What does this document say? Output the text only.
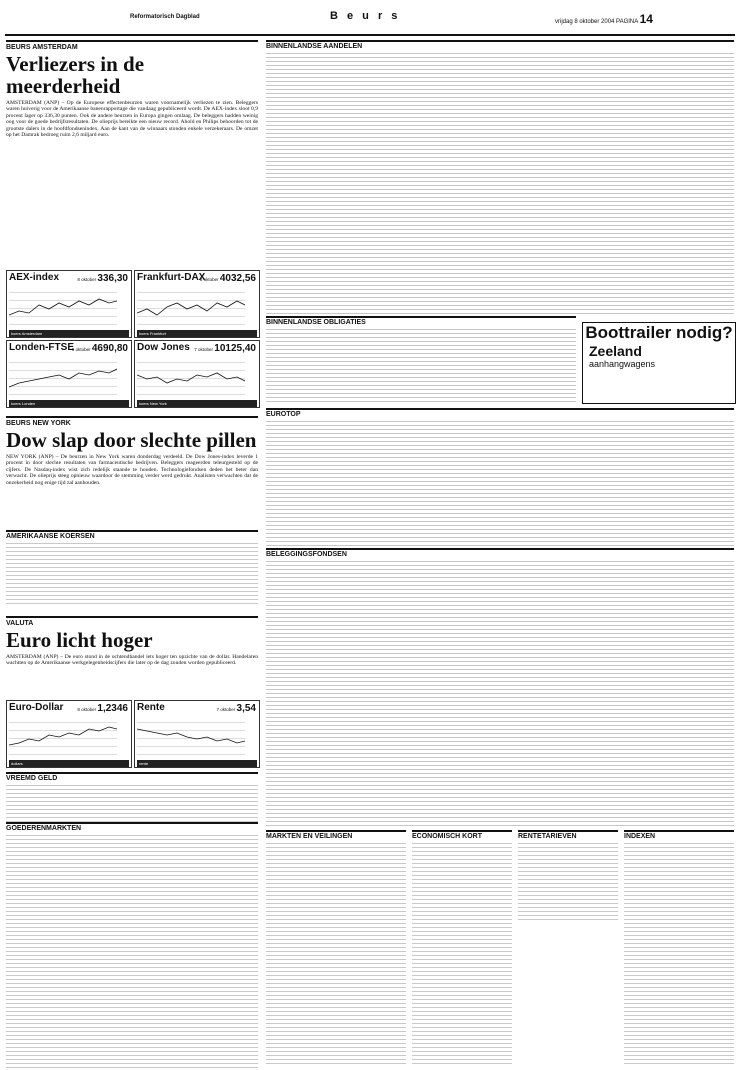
Reformatorisch Dagblad	B e u r s	vrijdag 8 oktober 2004 PAGINA 14
BEURS AMSTERDAM
Verliezers in de meerderheid
AMSTERDAM (ANP) – Op de Europese effectenbeurzen waren voornamelijk verliezen te zien. Beleggers waren huiverig voor de Amerikaanse banenrapportage die vandaag gepubliceerd wordt. De AEX-index sloot 0,9 procent lager op 336,30 punten. Ook de andere beurzen in Europa gingen omlaag. De beleggers hadden weinig oog voor de goede bedrijfsresultaten. De olieprijs bereikte een nieuw record. Ahold en Philips behoorden tot de grootste dalers in de hoofdfondsenindex. Aan de kant van de winnaars stonden enkele verzekeraars. De omzet op het Damrak bedroeg ruim 2,6 miljard euro.
AEX-index	8 oktober 336,30
koers Amsterdam
Frankfurt-DAX
8 oktober 4032,56
koers Frankfurt
Londen-FTSE
8 oktober 4690,80
koers Londen
Dow Jones 7 oktober 10125,40
koers New York
BEURS NEW YORK
Dow slap door slechte pillen
NEW YORK (ANP) – De beurzen in New York waren donderdag verdeeld. De Dow Jones-index leverde 1 procent in door slechte resultaten van farmaceutische bedrijven. Beleggers reageerden teleurgesteld op de cijfers. De Nasdaq-index wist zich redelijk staande te houden. Technologiefondsen deden het beter dan verwacht. De olieprijs steeg opnieuw waardoor de stemming verder werd gedrukt. Analisten verwachten dat de onzekerheid nog enige tijd zal aanhouden.
AMERIKAANSE KOERSEN
VALUTA
Euro licht hoger
AMSTERDAM (ANP) – De euro stond in de ochtendhandel iets hoger ten opzichte van de dollar. Handelaren wachtten op de Amerikaanse werkgelegenheidscijfers die later op de dag zouden worden gepubliceerd.
Euro-Dollar	8 oktober 1,2346
dollars
Rente	7 oktober 3,54
rente
VREEMD GELD
GOEDERENMARKTEN
BINNENLANDSE AANDELEN
BINNENLANDSE OBLIGATIES
Boottrailer nodig?
Zeeland
aanhangwagens
EUROTOP
BELEGGINGSFONDSEN
MARKTEN EN VEILINGEN	ECONOMISCH KORT	RENTETARIEVEN	INDEXEN
